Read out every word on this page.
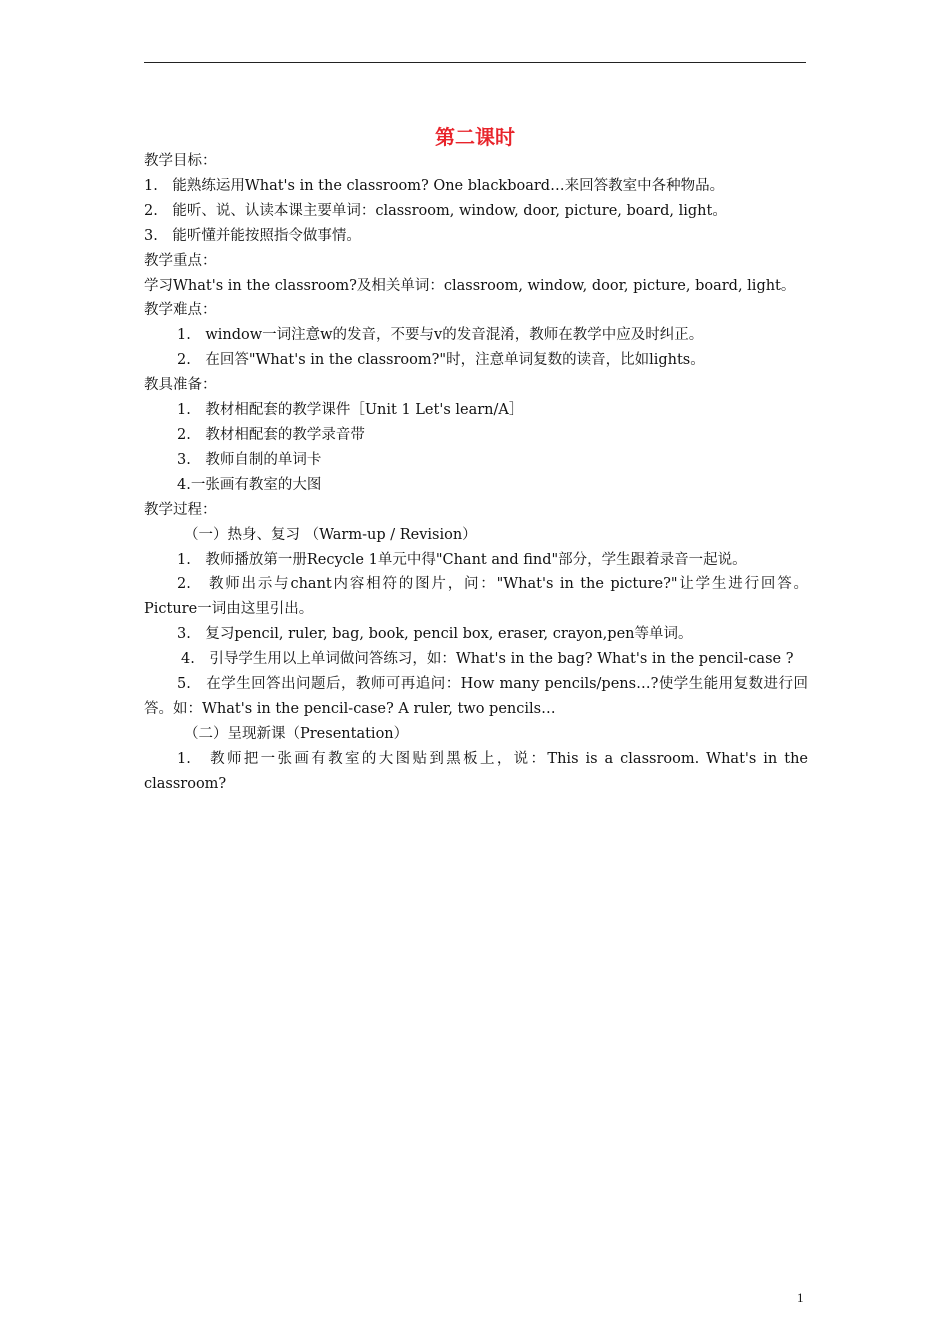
第二课时

教学目标：

1.　能熟练运用What's in the classroom? One blackboard…来回答教室中各种物品。

2.　能听、说、认读本课主要单词：classroom, window, door, picture, board, light。

3.　能听懂并能按照指令做事情。

教学重点：

学习What's in the classroom?及相关单词：classroom, window, door, picture, board, light。

教学难点：

1.　window一词注意w的发音，不要与v的发音混淆，教师在教学中应及时纠正。

2.　在回答"What's in the classroom?"时，注意单词复数的读音，比如lights。

教具准备：

1.　教材相配套的教学课件［Unit 1 Let's learn/A］

2.　教材相配套的教学录音带

3.　教师自制的单词卡

4.一张画有教室的大图

教学过程：

（一）热身、复习 （Warm-up / Revision）

1.　教师播放第一册Recycle 1单元中得"Chant and find"部分，学生跟着录音一起说。

2.　教师出示与chant内容相符的图片，问："What's in the picture?"让学生进行回答。Picture一词由这里引出。

3.　复习pencil, ruler, bag, book, pencil box, eraser, crayon,pen等单词。

4.　引导学生用以上单词做问答练习，如：What's in the bag? What's in the pencil-case ?

5.　在学生回答出问题后，教师可再追问：How many pencils/pens…?使学生能用复数进行回答。如：What's in the pencil-case? A ruler, two pencils…

（二）呈现新课（Presentation）

1.　教师把一张画有教室的大图贴到黑板上，说：This is a classroom. What's in the classroom?

1
